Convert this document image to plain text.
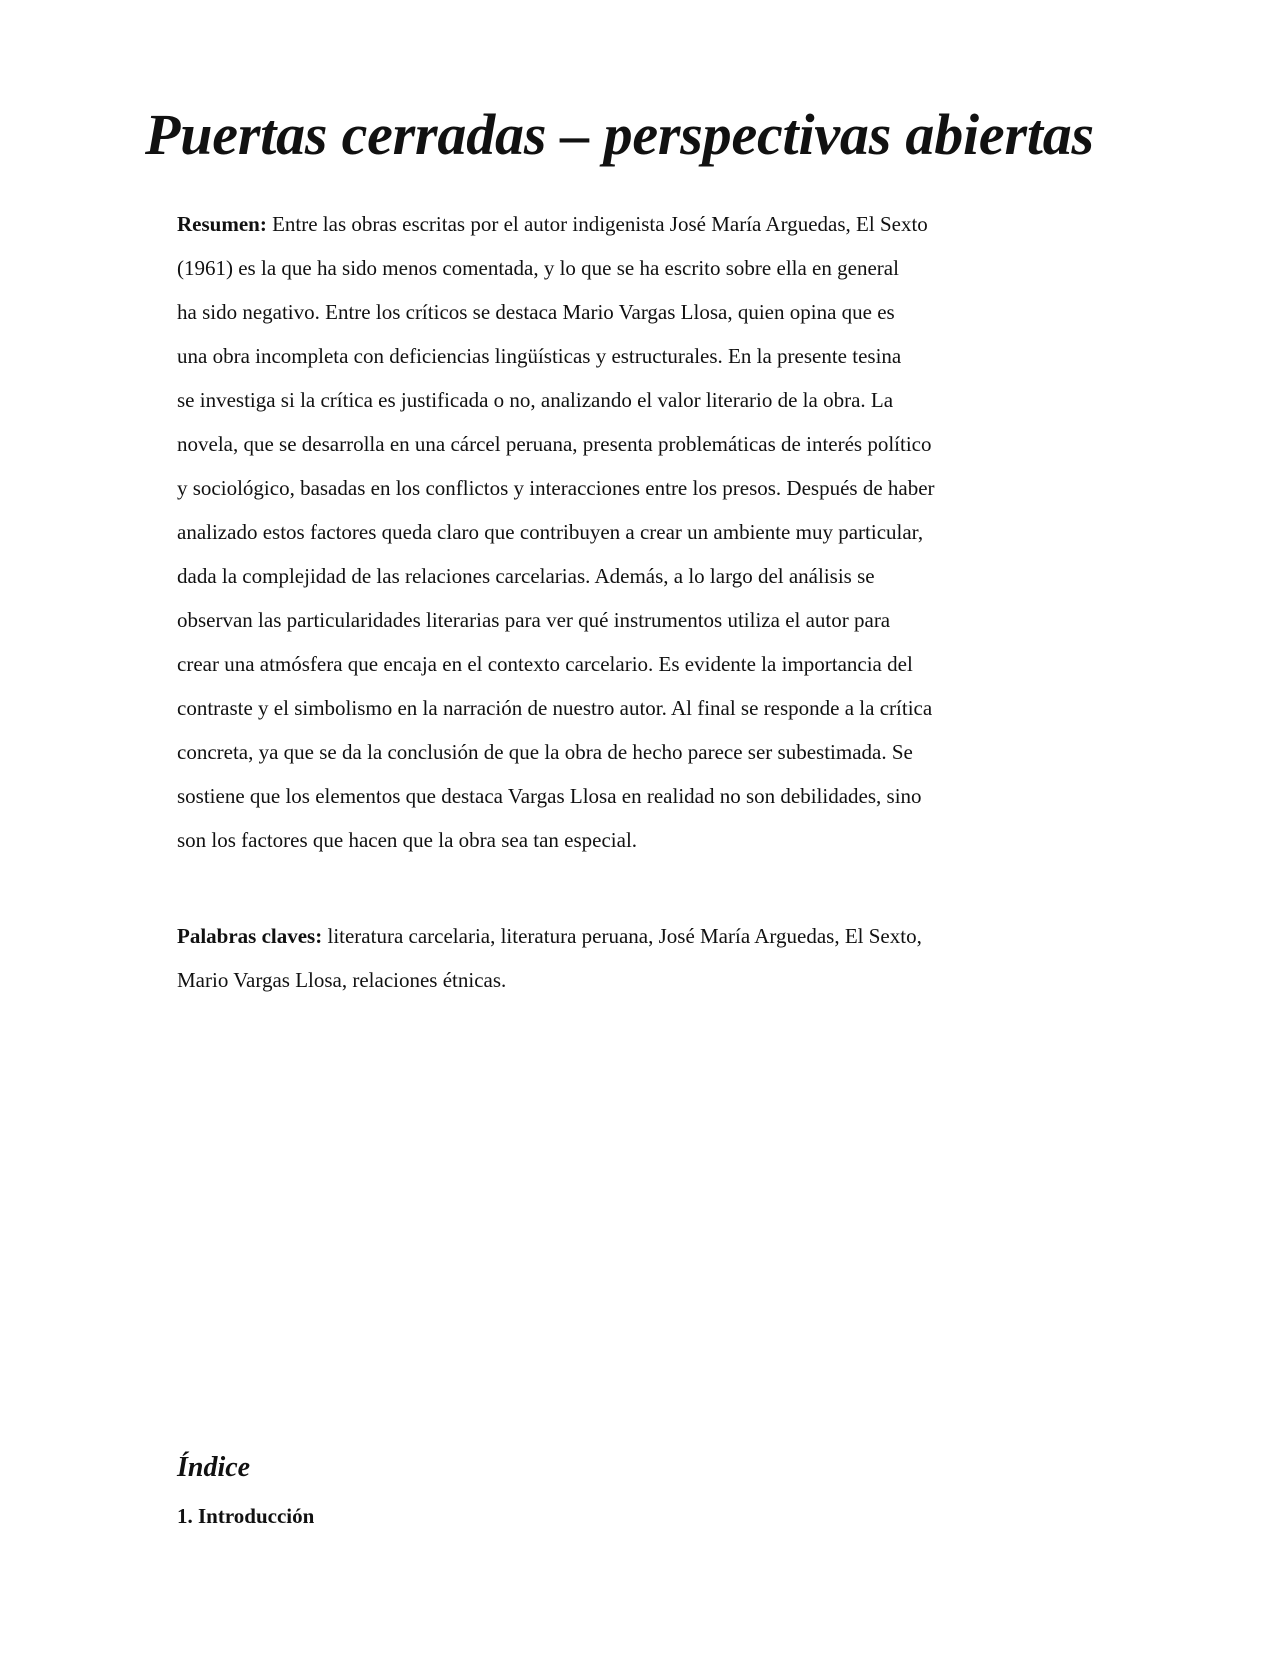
Puertas cerradas – perspectivas abiertas
Resumen: Entre las obras escritas por el autor indigenista José María Arguedas, El Sexto
(1961) es la que ha sido menos comentada, y lo que se ha escrito sobre ella en general
ha sido negativo. Entre los críticos se destaca Mario Vargas Llosa, quien opina que es
una obra incompleta con deficiencias lingüísticas y estructurales. En la presente tesina
se investiga si la crítica es justificada o no, analizando el valor literario de la obra. La
novela, que se desarrolla en una cárcel peruana, presenta problemáticas de interés político
y sociológico, basadas en los conflictos y interacciones entre los presos. Después de haber
analizado estos factores queda claro que contribuyen a crear un ambiente muy particular,
dada la complejidad de las relaciones carcelarias. Además, a lo largo del análisis se
observan las particularidades literarias para ver qué instrumentos utiliza el autor para
crear una atmósfera que encaja en el contexto carcelario. Es evidente la importancia del
contraste y el simbolismo en la narración de nuestro autor. Al final se responde a la crítica
concreta, ya que se da la conclusión de que la obra de hecho parece ser subestimada. Se
sostiene que los elementos que destaca Vargas Llosa en realidad no son debilidades, sino
son los factores que hacen que la obra sea tan especial.
Palabras claves: literatura carcelaria, literatura peruana, José María Arguedas, El Sexto,
Mario Vargas Llosa, relaciones étnicas.
Índice
1. Introducción
